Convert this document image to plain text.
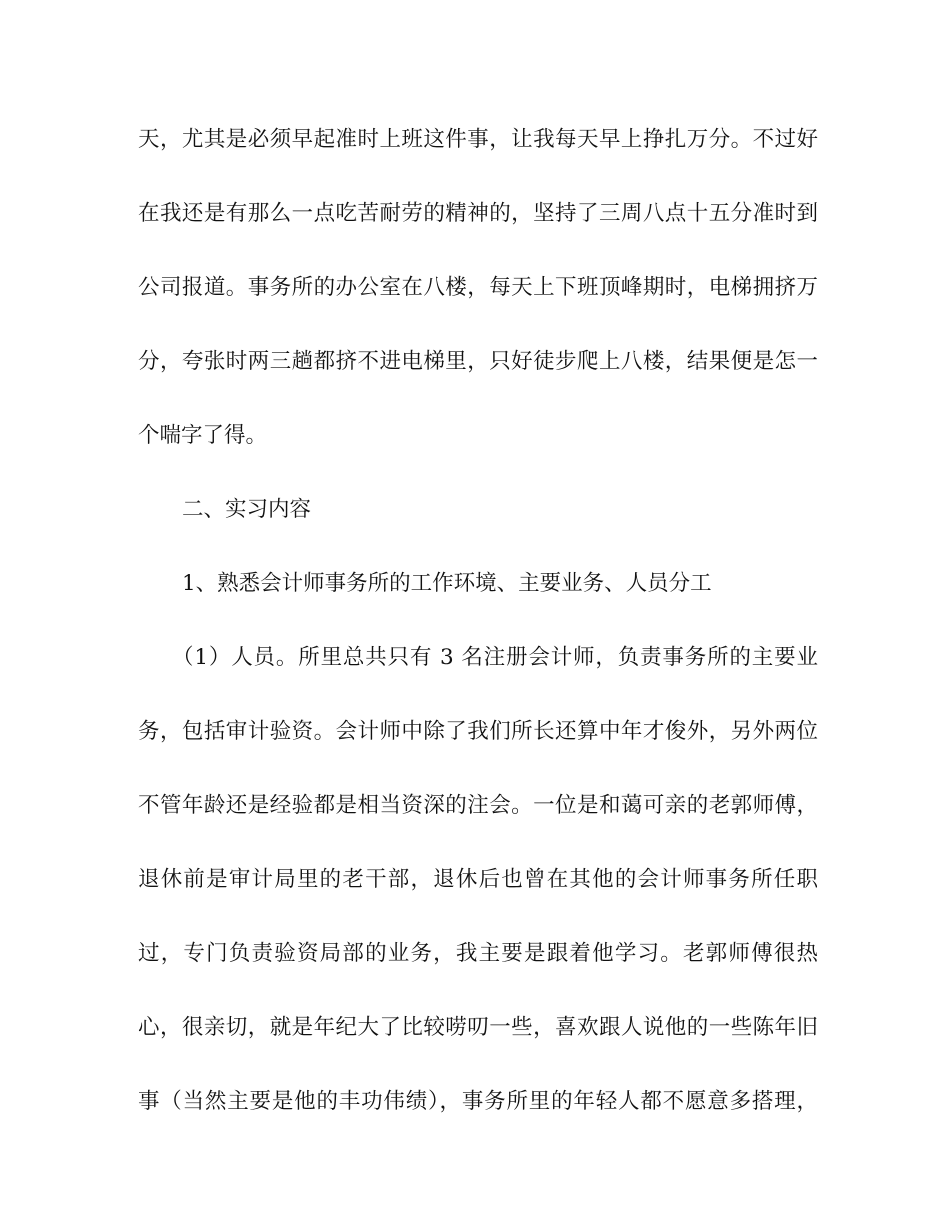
天，尤其是必须早起准时上班这件事，让我每天早上挣扎万分。不过好
在我还是有那么一点吃苦耐劳的精神的，坚持了三周八点十五分准时到
公司报道。事务所的办公室在八楼，每天上下班顶峰期时，电梯拥挤万
分，夸张时两三趟都挤不进电梯里，只好徒步爬上八楼，结果便是怎一
个喘字了得。
二、实习内容
1、熟悉会计师事务所的工作环境、主要业务、人员分工
（1）人员。所里总共只有 3 名注册会计师，负责事务所的主要业
务，包括审计验资。会计师中除了我们所长还算中年才俊外，另外两位
不管年龄还是经验都是相当资深的注会。一位是和蔼可亲的老郭师傅，
退休前是审计局里的老干部，退休后也曾在其他的会计师事务所任职
过，专门负责验资局部的业务，我主要是跟着他学习。老郭师傅很热
心，很亲切，就是年纪大了比较唠叨一些，喜欢跟人说他的一些陈年旧
事（当然主要是他的丰功伟绩），事务所里的年轻人都不愿意多搭理，
